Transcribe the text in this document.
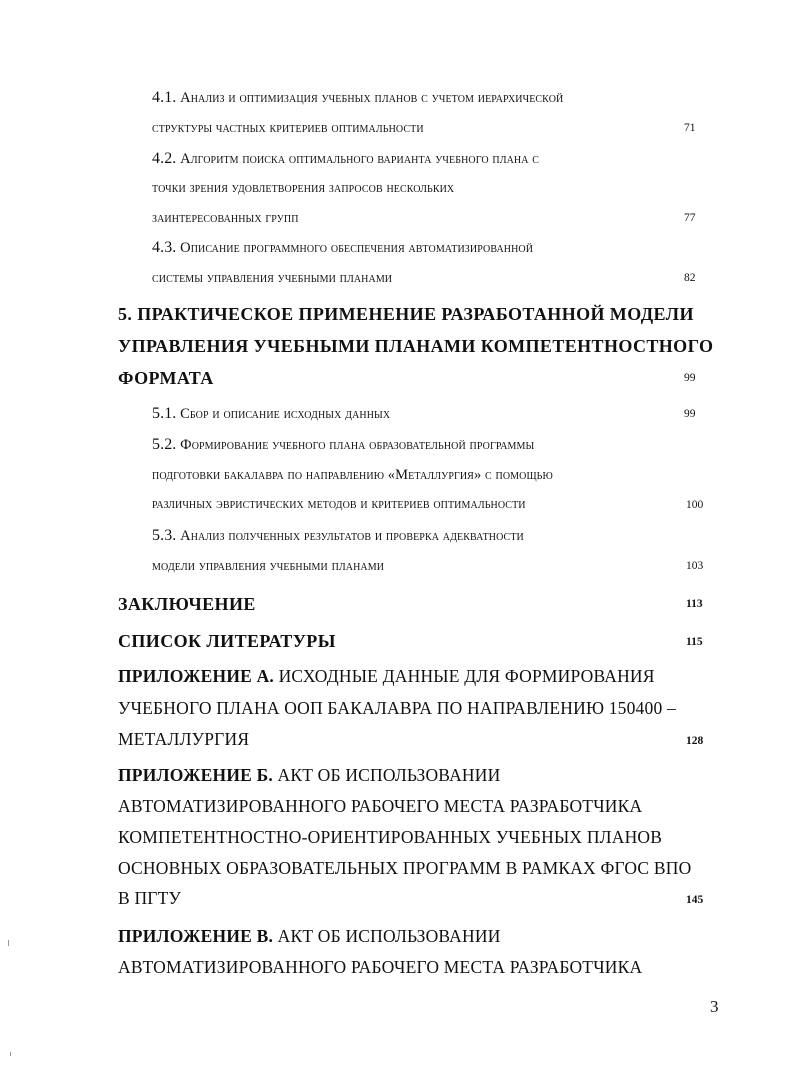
4.1. Анализ и оптимизация учебных планов с учетом иерархической
структуры частных критериев оптимальности	71
4.2. Алгоритм поиска оптимального варианта учебного плана с
точки зрения удовлетворения запросов нескольких
заинтересованных групп	77
4.3. Описание программного обеспечения автоматизированной
системы управления учебными планами	82
5. ПРАКТИЧЕСКОЕ ПРИМЕНЕНИЕ РАЗРАБОТАННОЙ МОДЕЛИ
УПРАВЛЕНИЯ УЧЕБНЫМИ ПЛАНАМИ КОМПЕТЕНТНОСТНОГО
ФОРМАТА	99
5.1. Сбор и описание исходных данных	99
5.2. Формирование учебного плана образовательной программы
подготовки бакалавра по направлению «Металлургия» с помощью
различных эвристических методов и критериев оптимальности	100
5.3. Анализ полученных результатов и проверка адекватности
модели управления учебными планами	103
ЗАКЛЮЧЕНИЕ	113
СПИСОК ЛИТЕРАТУРЫ	115
ПРИЛОЖЕНИЕ А. ИСХОДНЫЕ ДАННЫЕ ДЛЯ ФОРМИРОВАНИЯ
УЧЕБНОГО ПЛАНА ООП БАКАЛАВРА ПО НАПРАВЛЕНИЮ 150400 –
МЕТАЛЛУРГИЯ	128
ПРИЛОЖЕНИЕ Б. АКТ ОБ ИСПОЛЬЗОВАНИИ
АВТОМАТИЗИРОВАННОГО РАБОЧЕГО МЕСТА РАЗРАБОТЧИКА
КОМПЕТЕНТНОСТНО-ОРИЕНТИРОВАННЫХ УЧЕБНЫХ ПЛАНОВ
ОСНОВНЫХ ОБРАЗОВАТЕЛЬНЫХ ПРОГРАММ В РАМКАХ ФГОС ВПО
В ПГТУ	145
ПРИЛОЖЕНИЕ В. АКТ ОБ ИСПОЛЬЗОВАНИИ
АВТОМАТИЗИРОВАННОГО РАБОЧЕГО МЕСТА РАЗРАБОТЧИКА
3
